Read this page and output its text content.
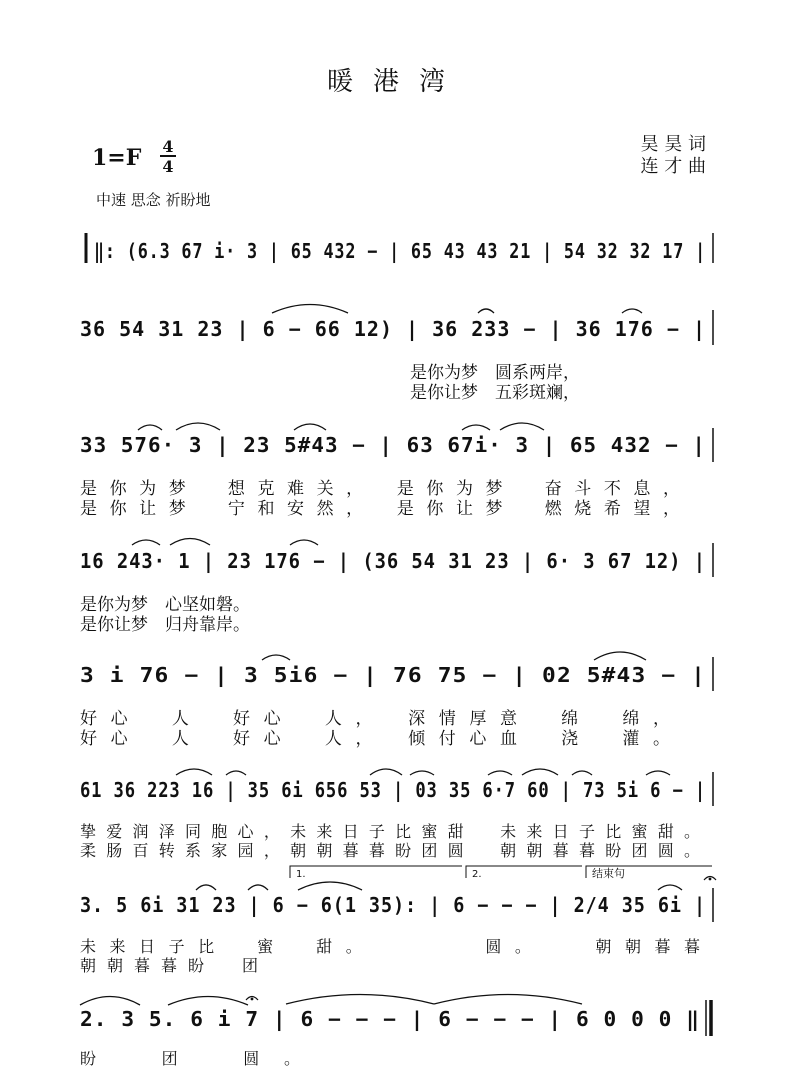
暖港湾
1=F 4
4
昊 昊 词
连 才 曲
中速 思念 祈盼地
‖: (6.3 67 i· 3 | 65 432 − | 65 43 43 21 | 54 32 32 17 |
36 54 31 23 | 6 − 66 12) | 36 233 − | 36 176 − |
是你为梦　圆系两岸，
是你让梦　五彩斑斓，
33 576· 3 | 23 5#43 − | 63 67i· 3 | 65 432 − |
是你为梦　想克难关，　是你为梦　奋斗不息，
是你让梦　宁和安然，　是你让梦　燃烧希望，
16 243· 1 | 23 176 − | (36 54 31 23 | 6· 3 67 12) |
是你为梦　心坚如磐。
是你让梦　归舟靠岸。
3 i 76 − | 3 5i6 − | 76 75 − | 02 5#43 − |
好心　人　好心　人，　深情厚意　绵　绵，
好心　人　好心　人，　倾付心血　浇　灌。
61 36 223 16 | 35 6i 656 53 | 03 35 6·7 60 | 73 5i 6 − |
挚爱润泽同胞心，未来日子比蜜甜　未来日子比蜜甜。
柔肠百转系家园，朝朝暮暮盼团圆　朝朝暮暮盼团圆。
1.	2.	结束句
3. 5 6i 31 23 | 6 − 6(1 35): | 6 − − − | 2/4 35 6i |
未来日子比　蜜　甜。　　　　圆。　　朝朝暮暮
朝朝暮暮盼　团
2. 3 5. 6 i 7 | 6 − − − | 6 − − − | 6 0 0 0 ‖
盼　团　圆。
